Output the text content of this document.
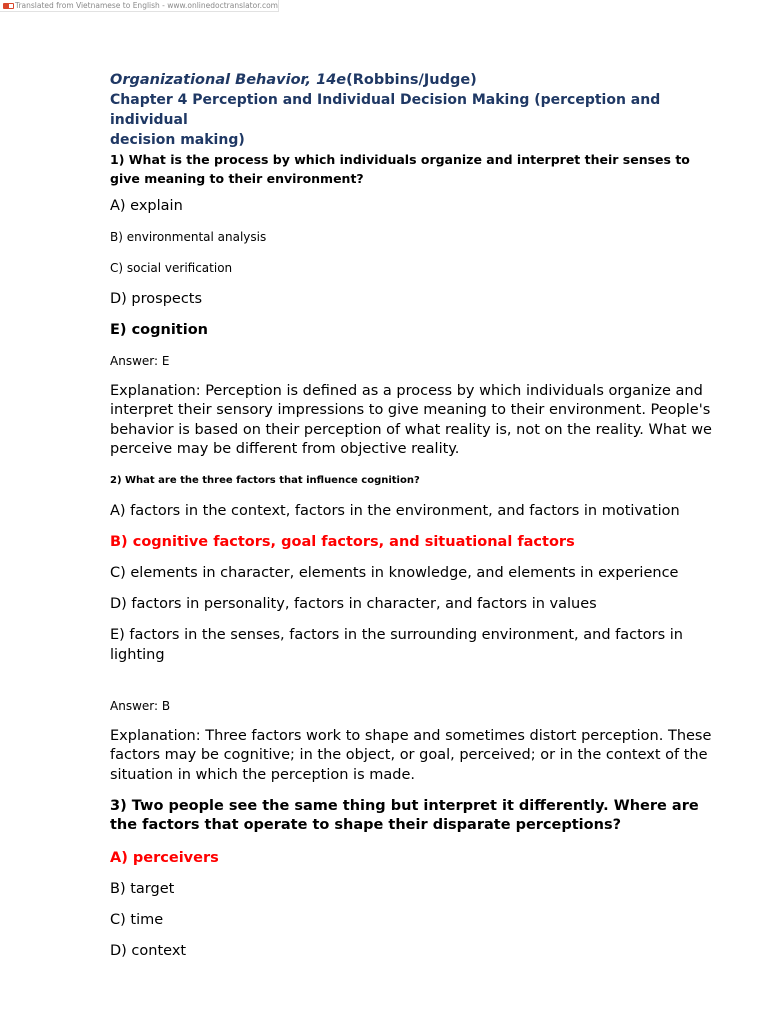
Translated from Vietnamese to English - www.onlinedoctranslator.com

Organizational Behavior, 14e(Robbins/Judge)

Chapter 4 Perception and Individual Decision Making (perception and individual

decision making)

1) What is the process by which individuals organize and interpret their senses to give meaning to their environment?

A) explain

B) environmental analysis

C) social verification

D) prospects

E) cognition

Answer: E

Explanation: Perception is defined as a process by which individuals organize and interpret their sensory impressions to give meaning to their environment. People's behavior is based on their perception of what reality is, not on the reality. What we perceive may be different from objective reality.

2) What are the three factors that influence cognition?

A) factors in the context, factors in the environment, and factors in motivation

B) cognitive factors, goal factors, and situational factors

C) elements in character, elements in knowledge, and elements in experience

D) factors in personality, factors in character, and factors in values

E) factors in the senses, factors in the surrounding environment, and factors in lighting

Answer: B

Explanation: Three factors work to shape and sometimes distort perception. These factors may be cognitive; in the object, or goal, perceived; or in the context of the situation in which the perception is made.

3) Two people see the same thing but interpret it differently. Where are the factors that operate to shape their disparate perceptions?

A) perceivers

B) target

C) time

D) context
